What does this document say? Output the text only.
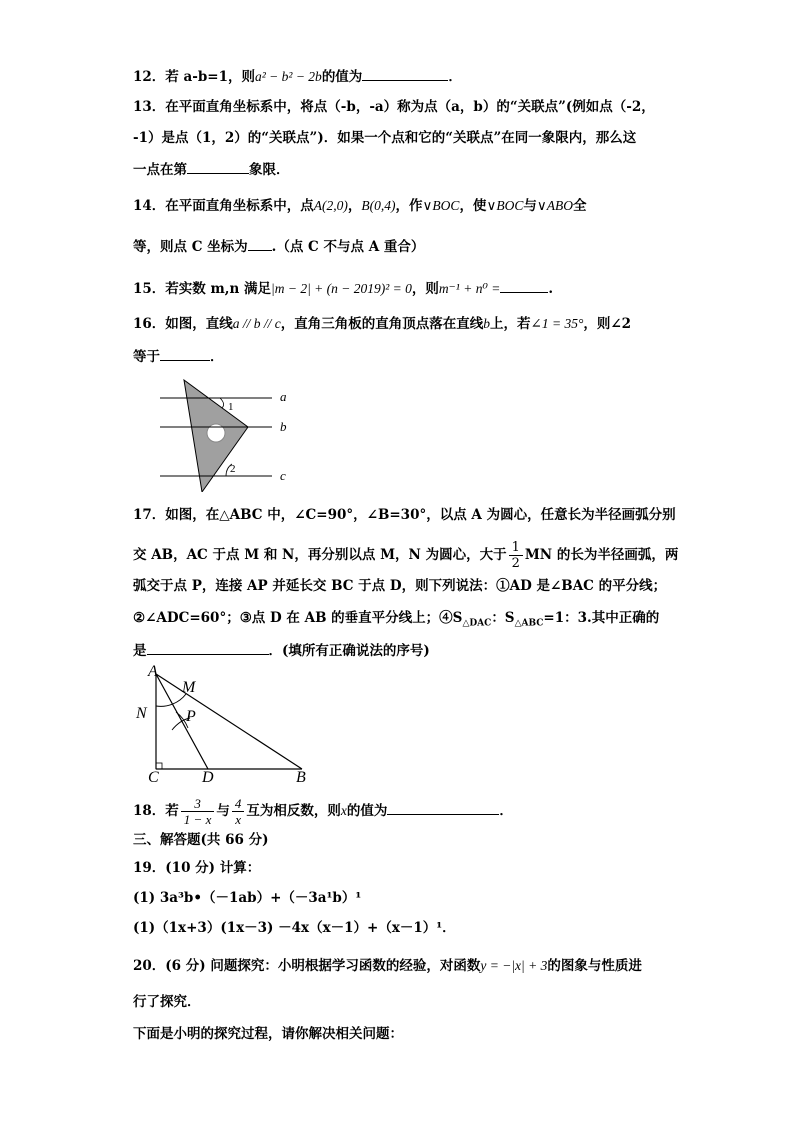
12．若 a-b=1，则a² − b² − 2b的值为	．
13．在平面直角坐标系中，将点（-b，-a）称为点（a，b）的“关联点”(例如点（-2，
-1）是点（1，2）的“关联点”)．如果一个点和它的“关联点”在同一象限内，那么这
一点在第	象限．
14．在平面直角坐标系中，点A(2,0)，B(0,4)，作∨BOC，使∨BOC与∨ABO全
等，则点 C 坐标为 .（点 C 不与点 A 重合）
15．若实数 m,n 满足|m − 2| + (n − 2019)² = 0，则m⁻¹ + n⁰ =	.
16．如图，直线a // b // c，直角三角板的直角顶点落在直线b上，若∠1 = 35°，则∠2
等于	．
1
2
a
b
c
17．如图，在△ABC 中，∠C=90°，∠B=30°，以点 A 为圆心，任意长为半径画弧分别
交 AB，AC 于点 M 和 N，再分别以点 M，N 为圆心，大于 $\frac{1}{2}$ MN 的长为半径画弧，两
弧交于点 P，连接 AP 并延长交 BC 于点 D，则下列说法：①AD 是∠BAC 的平分线；
②∠ADC=60°；③点 D 在 AB 的垂直平分线上；$④S_{\triangle DAC}$：$S_{\triangle ABC}=1$：3.其中正确的
是	．(填所有正确说法的序号)
A
M
N P
C	D	B
18．若 $\frac{3}{1 - x}$ 与 $\frac{4}{x}$ 互为相反数，则x的值为	．
三、解答题(共 66 分)
19．(10 分) 计算：
(1) 3a³b•（－1ab）+（－3a¹b）¹
(1)（1x+3）(1x－3) －4x（x－1）+（x－1）¹．
20．(6 分) 问题探究：小明根据学习函数的经验，对函数y = −|x| + 3的图象与性质进
行了探究．
下面是小明的探究过程，请你解决相关问题：
